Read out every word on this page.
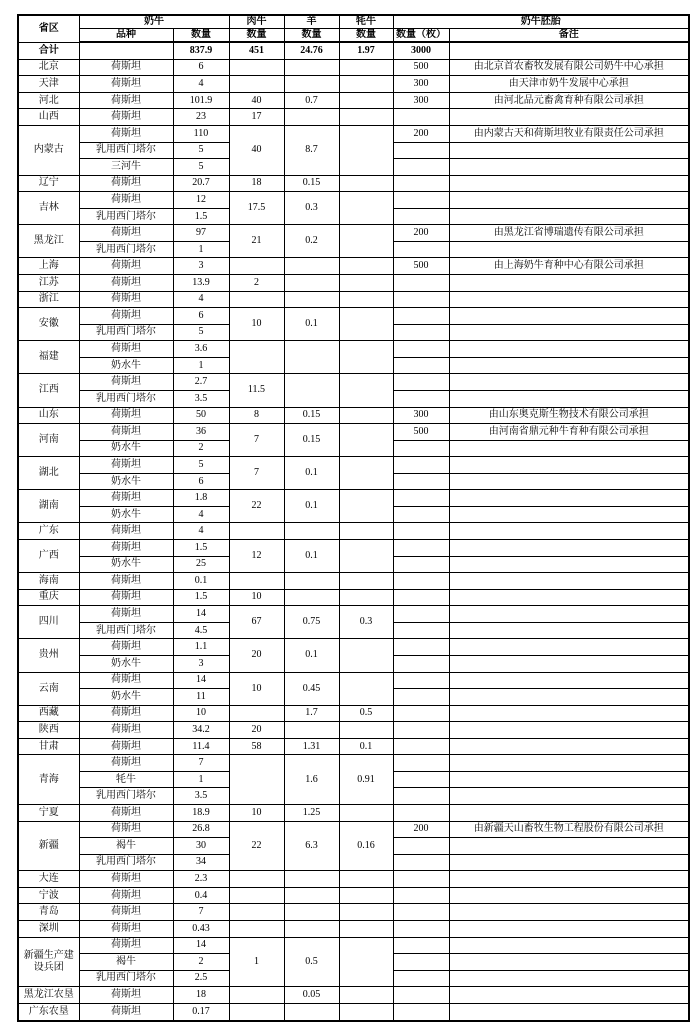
省区	奶牛		肉牛	羊	牦牛	奶牛胚胎	
	品种	数量	数量	数量	数量	数量（枚）	备注
合计		837.9	451	24.76	1.97	3000	
北京	荷斯坦	6				500	由北京首农畜牧发展有限公司奶牛中心承担
天津	荷斯坦	4				300	由天津市奶牛发展中心承担
河北	荷斯坦	101.9	40	0.7		300	由河北品元畜禽育种有限公司承担
山西	荷斯坦	23	17				
内蒙古	荷斯坦	110	40	8.7		200	由内蒙古天和荷斯坦牧业有限责任公司承担
	乳用西门塔尔	5					
	三河牛	5					
辽宁	荷斯坦	20.7	18	0.15			
吉林	荷斯坦	12	17.5	0.3			
	乳用西门塔尔	1.5					
黑龙江	荷斯坦	97	21	0.2		200	由黑龙江省博瑞遗传有限公司承担
	乳用西门塔尔	1					
上海	荷斯坦	3				500	由上海奶牛育种中心有限公司承担
江苏	荷斯坦	13.9	2				
浙江	荷斯坦	4					
安徽	荷斯坦	6	10	0.1			
	乳用西门塔尔	5					
福建	荷斯坦	3.6					
	奶水牛	1					
江西	荷斯坦	2.7	11.5				
	乳用西门塔尔	3.5					
山东	荷斯坦	50	8	0.15		300	由山东奥克斯生物技术有限公司承担
河南	荷斯坦	36	7	0.15		500	由河南省鼎元种牛育种有限公司承担
	奶水牛	2					
湖北	荷斯坦	5	7	0.1			
	奶水牛	6					
湖南	荷斯坦	1.8	22	0.1			
	奶水牛	4					
广东	荷斯坦	4					
广西	荷斯坦	1.5	12	0.1			
	奶水牛	25					
海南	荷斯坦	0.1					
重庆	荷斯坦	1.5	10				
四川	荷斯坦	14	67	0.75	0.3		
	乳用西门塔尔	4.5					
贵州	荷斯坦	1.1	20	0.1			
	奶水牛	3					
云南	荷斯坦	14	10	0.45			
	奶水牛	11					
西藏	荷斯坦	10		1.7	0.5		
陕西	荷斯坦	34.2	20				
甘肃	荷斯坦	11.4	58	1.31	0.1		
青海	荷斯坦	7		1.6	0.91		
	牦牛	1					
	乳用西门塔尔	3.5					
宁夏	荷斯坦	18.9	10	1.25			
新疆	荷斯坦	26.8	22	6.3	0.16	200	由新疆天山畜牧生物工程股份有限公司承担
	褐牛	30					
	乳用西门塔尔	34					
大连	荷斯坦	2.3					
宁波	荷斯坦	0.4					
青岛	荷斯坦	7					
深圳	荷斯坦	0.43					
新疆生产建设兵团	荷斯坦	14	1	0.5			
	褐牛	2					
	乳用西门塔尔	2.5					
黑龙江农垦	荷斯坦	18		0.05			
广东农垦	荷斯坦	0.17					
